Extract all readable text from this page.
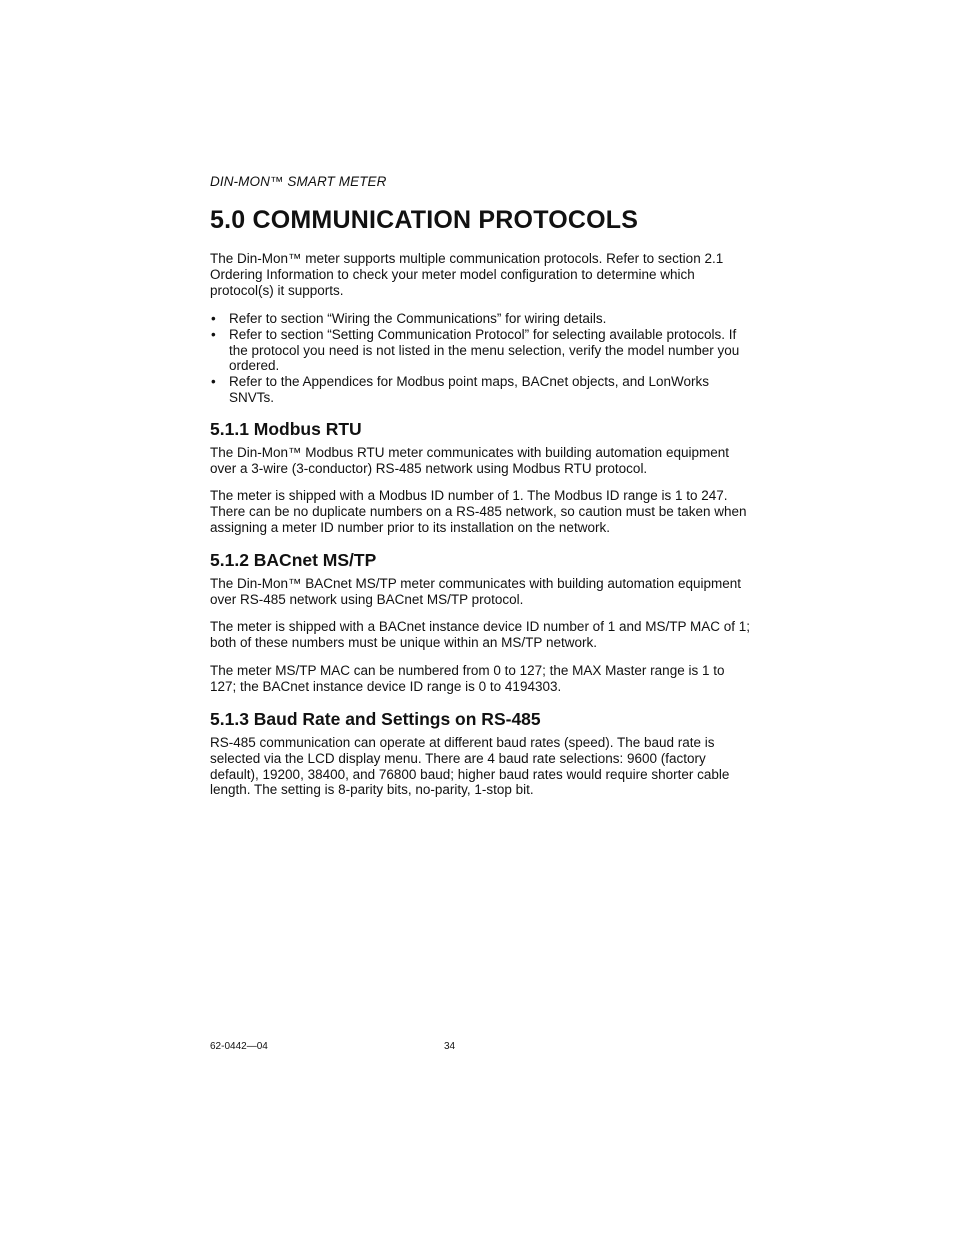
DIN-MON™ SMART METER
5.0 COMMUNICATION PROTOCOLS

The Din-Mon™ meter supports multiple communication protocols. Refer to section 2.1 Ordering Information to check your meter model configuration to determine which protocol(s) it supports.

• Refer to section “Wiring the Communications” for wiring details.
• Refer to section “Setting Communication Protocol” for selecting available protocols. If the protocol you need is not listed in the menu selection, verify the model number you ordered.
• Refer to the Appendices for Modbus point maps, BACnet objects, and LonWorks SNVTs.
5.1.1 Modbus RTU

The Din-Mon™ Modbus RTU meter communicates with building automation equipment over a 3-wire (3-conductor) RS-485 network using Modbus RTU protocol.

The meter is shipped with a Modbus ID number of 1. The Modbus ID range is 1 to 247. There can be no duplicate numbers on a RS-485 network, so caution must be taken when assigning a meter ID number prior to its installation on the network.

5.1.2 BACnet MS/TP

The Din-Mon™ BACnet MS/TP meter communicates with building automation equipment over RS-485 network using BACnet MS/TP protocol.

The meter is shipped with a BACnet instance device ID number of 1 and MS/TP MAC of 1; both of these numbers must be unique within an MS/TP network.

The meter MS/TP MAC can be numbered from 0 to 127; the MAX Master range is 1 to 127; the BACnet instance device ID range is 0 to 4194303.

5.1.3 Baud Rate and Settings on RS-485

RS-485 communication can operate at different baud rates (speed). The baud rate is selected via the LCD display menu. There are 4 baud rate selections: 9600 (factory default), 19200, 38400, and 76800 baud; higher baud rates would require shorter cable length. The setting is 8-parity bits, no-parity, 1-stop bit.

62-0442—04	34
